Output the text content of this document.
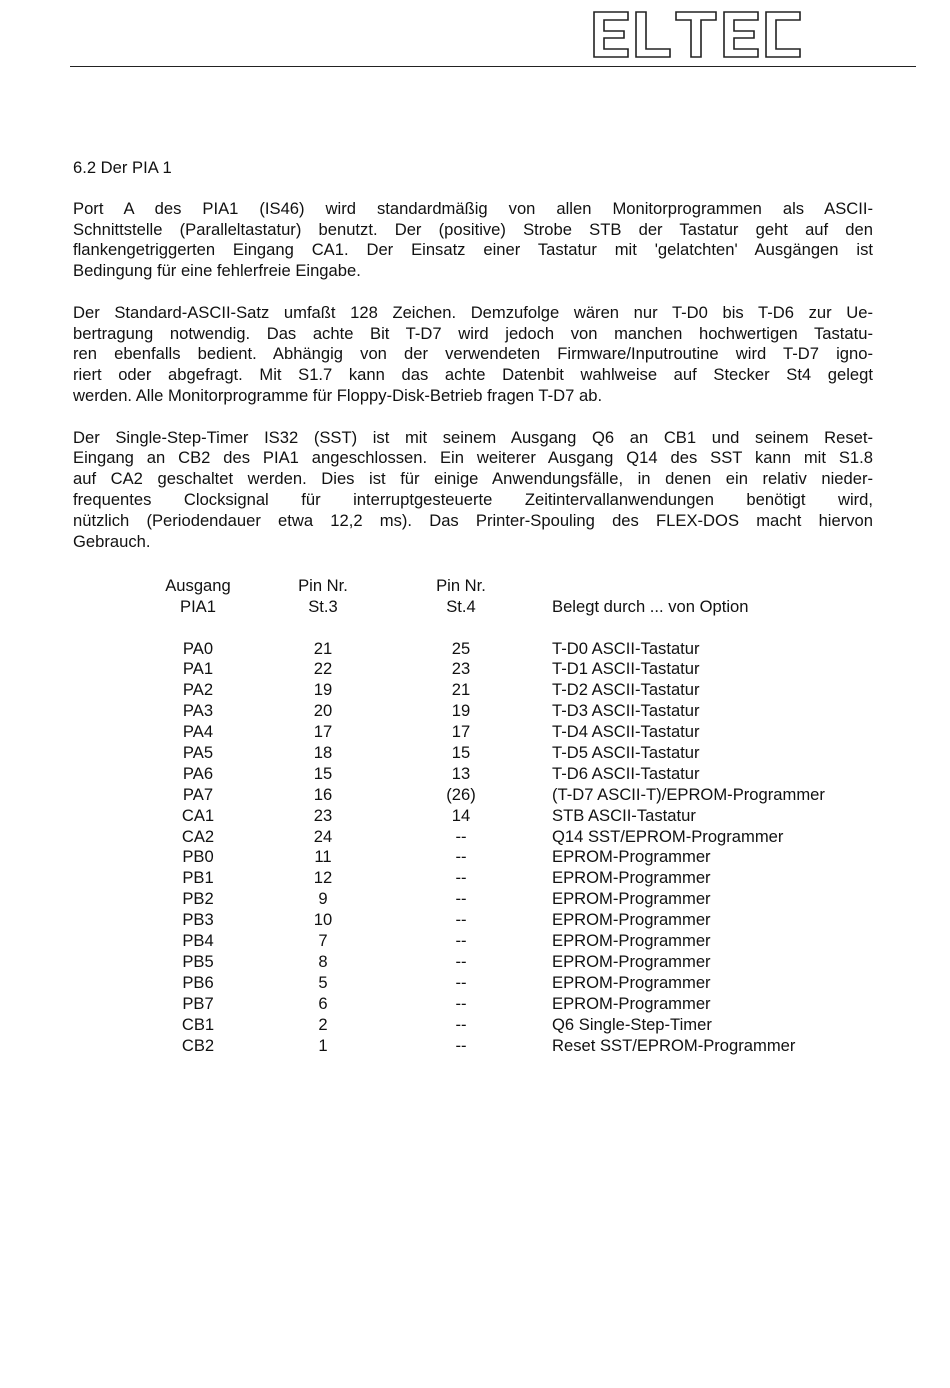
6.2 Der PIA 1
Port A des PIA1 (IS46) wird standardmäßig von allen Monitorprogrammen als ASCII-
Schnittstelle (Paralleltastatur) benutzt. Der (positive) Strobe STB der Tastatur geht auf den
flankengetriggerten Eingang CA1. Der Einsatz einer Tastatur mit 'gelatchten' Ausgängen ist
Bedingung für eine fehlerfreie Eingabe.
Der Standard-ASCII-Satz umfaßt 128 Zeichen. Demzufolge wären nur T-D0 bis T-D6 zur Ue-
bertragung notwendig. Das achte Bit T-D7 wird jedoch von manchen hochwertigen Tastatu-
ren ebenfalls bedient. Abhängig von der verwendeten Firmware/Inputroutine wird T-D7 igno-
riert oder abgefragt. Mit S1.7 kann das achte Datenbit wahlweise auf Stecker St4 gelegt
werden. Alle Monitorprogramme für Floppy-Disk-Betrieb fragen T-D7 ab.
Der Single-Step-Timer IS32 (SST) ist mit seinem Ausgang Q6 an CB1 und seinem Reset-
Eingang an CB2 des PIA1 angeschlossen. Ein weiterer Ausgang Q14 des SST kann mit S1.8
auf CA2 geschaltet werden. Dies ist für einige Anwendungsfälle, in denen ein relativ nieder-
frequentes Clocksignal für interruptgesteuerte Zeitintervallanwendungen benötigt wird,
nützlich (Periodendauer etwa 12,2 ms). Das Printer-Spouling des FLEX-DOS macht hiervon
Gebrauch.
Ausgang	Pin Nr.	Pin Nr.
PIA1	St.3	St.4	Belegt durch ... von Option
PA0	21	25	T-D0 ASCII-Tastatur
PA1	22	23	T-D1 ASCII-Tastatur
PA2	19	21	T-D2 ASCII-Tastatur
PA3	20	19	T-D3 ASCII-Tastatur
PA4	17	17	T-D4 ASCII-Tastatur
PA5	18	15	T-D5 ASCII-Tastatur
PA6	15	13	T-D6 ASCII-Tastatur
PA7	16	(26)	(T-D7 ASCII-T)/EPROM-Programmer
CA1	23	14	STB ASCII-Tastatur
CA2	24	--	Q14 SST/EPROM-Programmer
PB0	11	--	EPROM-Programmer
PB1	12	--	EPROM-Programmer
PB2	9	--	EPROM-Programmer
PB3	10	--	EPROM-Programmer
PB4	7	--	EPROM-Programmer
PB5	8	--	EPROM-Programmer
PB6	5	--	EPROM-Programmer
PB7	6	--	EPROM-Programmer
CB1	2	--	Q6 Single-Step-Timer
CB2	1	--	Reset SST/EPROM-Programmer
